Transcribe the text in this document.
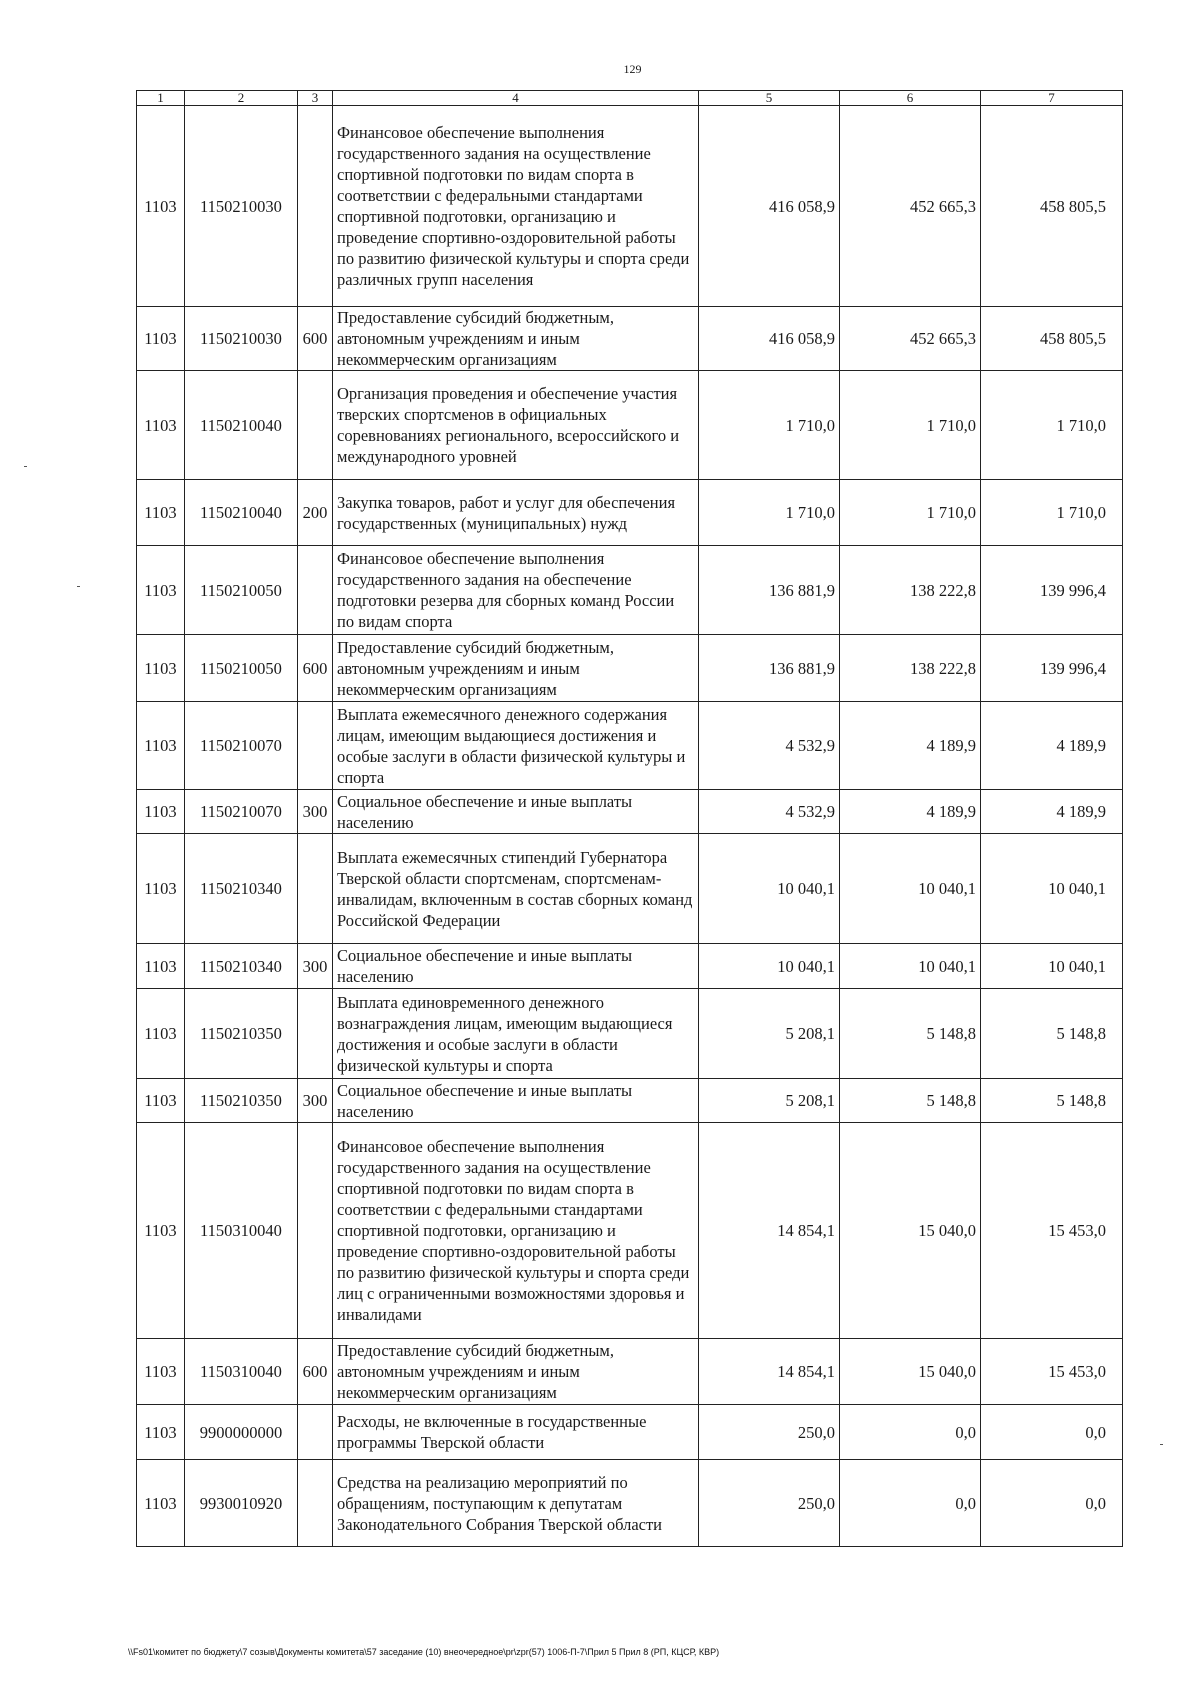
129
1	2	3	4	5	6	7
1103	1150210030		Финансовое обеспечение выполнения государственного задания на осуществление спортивной подготовки по видам спорта в соответствии с федеральными стандартами спортивной подготовки, организацию и проведение спортивно-оздоровительной работы по развитию физической культуры и спорта среди различных групп населения	416 058,9	452 665,3	458 805,5
1103	1150210030	600	Предоставление субсидий бюджетным, автономным учреждениям и иным некоммерческим организациям	416 058,9	452 665,3	458 805,5
1103	1150210040		Организация проведения и обеспечение участия тверских спортсменов в официальных соревнованиях регионального, всероссийского и международного уровней	1 710,0	1 710,0	1 710,0
1103	1150210040	200	Закупка товаров, работ и услуг для обеспечения государственных (муниципальных) нужд	1 710,0	1 710,0	1 710,0
1103	1150210050		Финансовое обеспечение выполнения государственного задания на обеспечение подготовки резерва для сборных команд России по видам спорта	136 881,9	138 222,8	139 996,4
1103	1150210050	600	Предоставление субсидий бюджетным, автономным учреждениям и иным некоммерческим организациям	136 881,9	138 222,8	139 996,4
1103	1150210070		Выплата ежемесячного денежного содержания лицам, имеющим выдающиеся достижения и особые заслуги в области физической культуры и спорта	4 532,9	4 189,9	4 189,9
1103	1150210070	300	Социальное обеспечение и иные выплаты населению	4 532,9	4 189,9	4 189,9
1103	1150210340		Выплата ежемесячных стипендий Губернатора Тверской области спортсменам, спортсменам-инвалидам, включенным в состав сборных команд Российской Федерации	10 040,1	10 040,1	10 040,1
1103	1150210340	300	Социальное обеспечение и иные выплаты населению	10 040,1	10 040,1	10 040,1
1103	1150210350		Выплата единовременного денежного вознаграждения лицам, имеющим выдающиеся достижения и особые заслуги в области физической культуры и спорта	5 208,1	5 148,8	5 148,8
1103	1150210350	300	Социальное обеспечение и иные выплаты населению	5 208,1	5 148,8	5 148,8
1103	1150310040		Финансовое обеспечение выполнения государственного задания на осуществление спортивной подготовки по видам спорта в соответствии с федеральными стандартами спортивной подготовки, организацию и проведение спортивно-оздоровительной работы по развитию физической культуры и спорта среди лиц с ограниченными возможностями здоровья и инвалидами	14 854,1	15 040,0	15 453,0
1103	1150310040	600	Предоставление субсидий бюджетным, автономным учреждениям и иным некоммерческим организациям	14 854,1	15 040,0	15 453,0
1103	9900000000		Расходы, не включенные в государственные программы Тверской области	250,0	0,0	0,0
1103	9930010920		Средства на реализацию мероприятий по обращениям, поступающим к депутатам Законодательного Собрания Тверской области	250,0	0,0	0,0
\\Fs01\комитет по бюджету\7 созыв\Документы комитета\57 заседание (10) внеочередное\pr\zpr(57) 1006-П-7\Прил 5 Прил 8 (РП, КЦСР, КВР)
